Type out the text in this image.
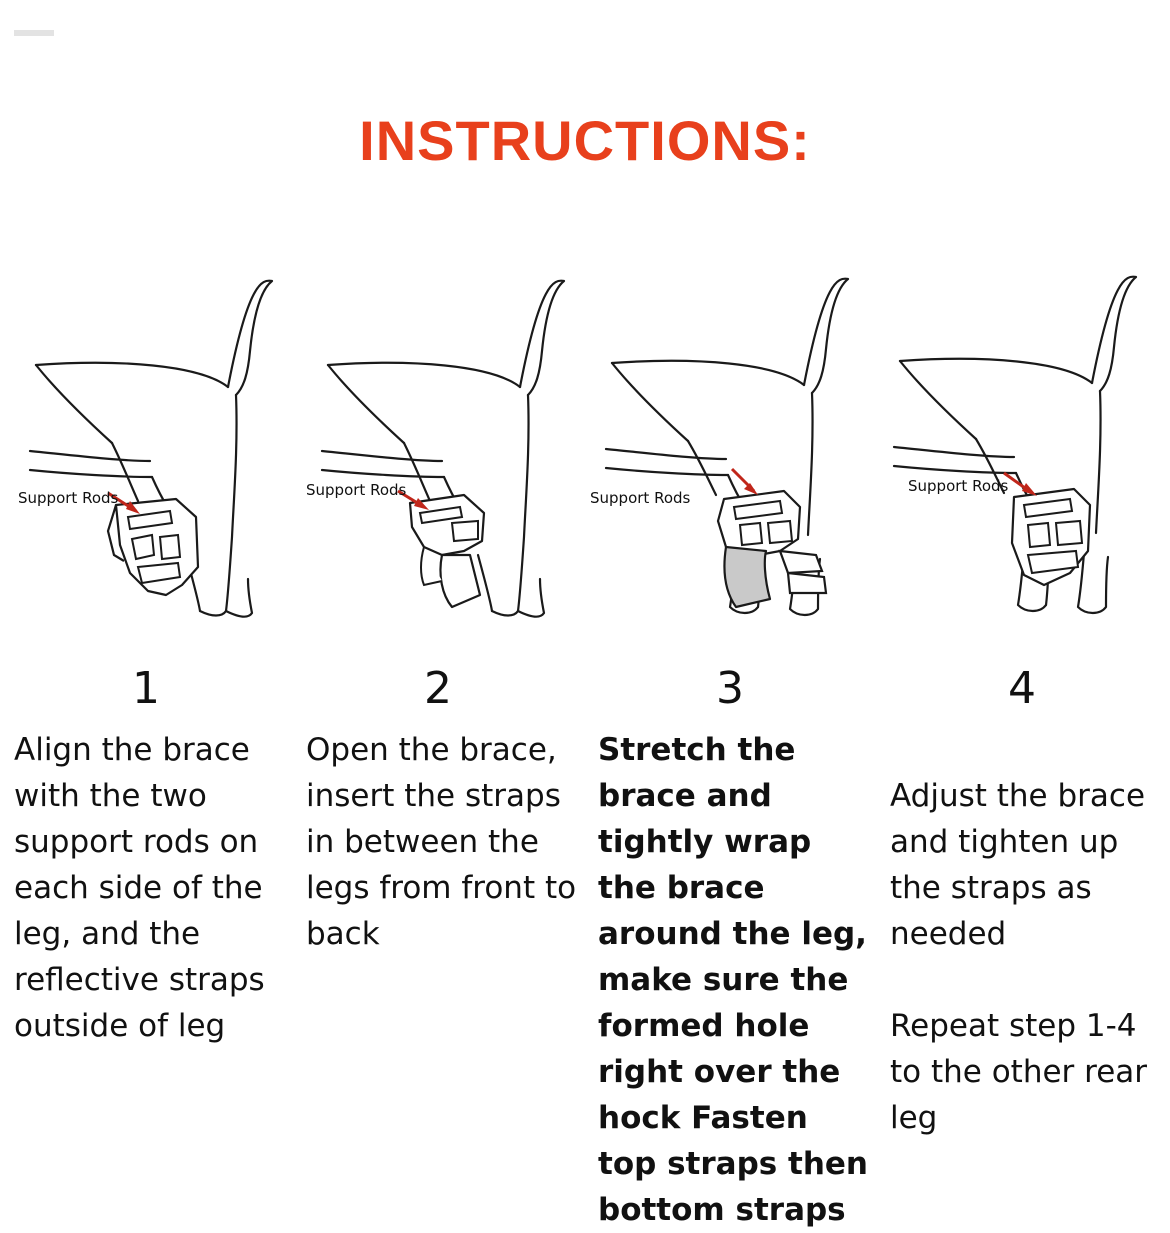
INSTRUCTIONS:
Support Rods
1
Align the brace with the two support rods on each side of the leg, and the reflective straps outside of leg
Support Rods
2
Open the brace, insert the straps in between the legs from front to back
Support Rods
3
Stretch the brace and tightly wrap the brace around the leg, make sure the formed hole right over the hock Fasten top straps then bottom straps
Support Rods
4

Adjust the brace and tighten up the straps as needed

Repeat step 1-4 to the other rear leg
